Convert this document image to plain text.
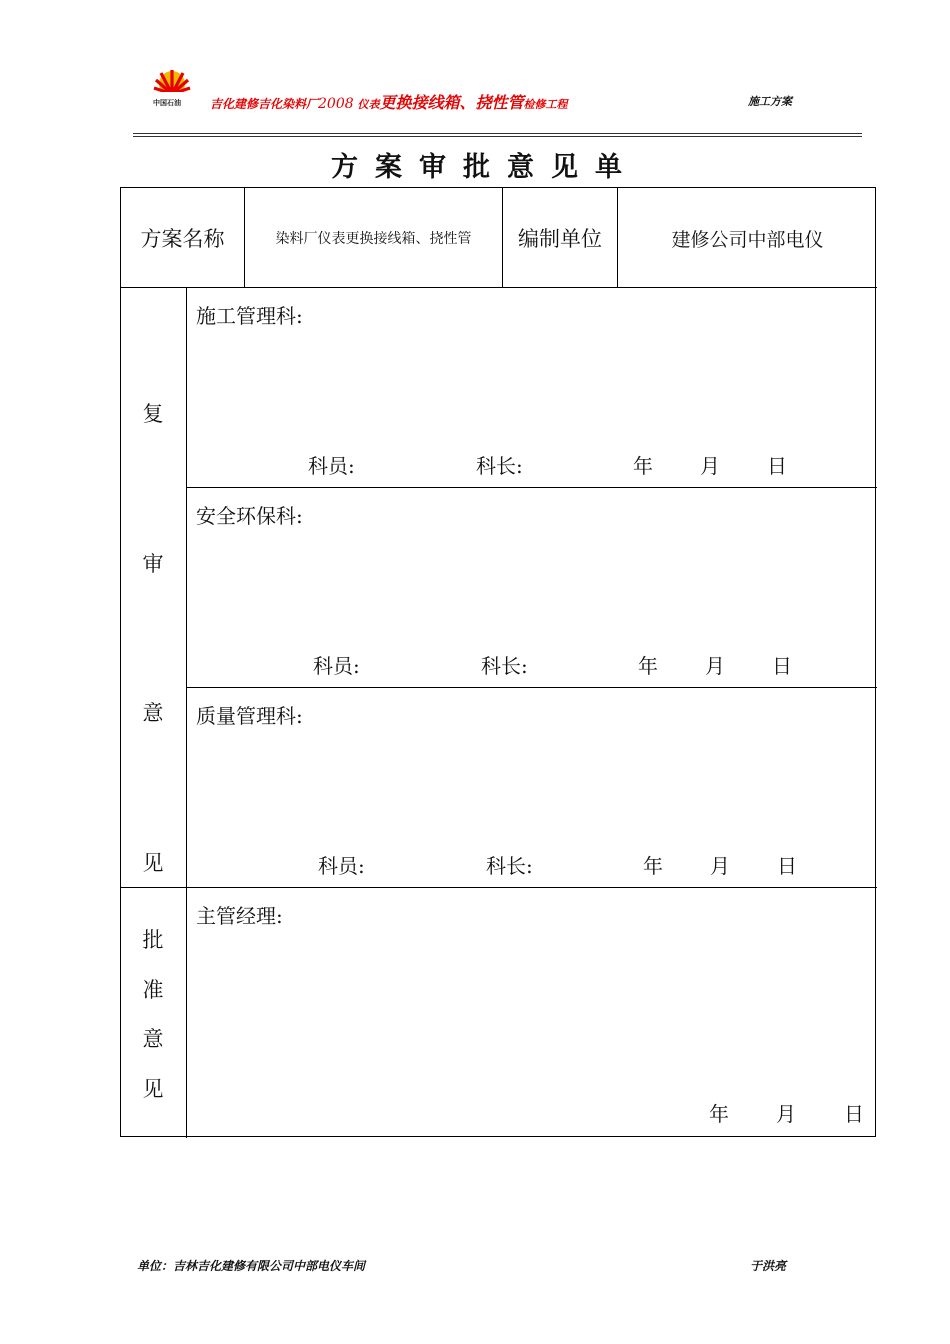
中国石油 吉化建修吉化染料厂2008 仪表更换接线箱、挠性管检修工程	施工方案
方案审批意见单
方案名称	染料厂仪表更换接线箱、挠性管	编制单位	建修公司中部电仪
复
审
意
见
施工管理科:
科员:	科长:	年 月 日
安全环保科:
科员:	科长:	年 月 日
质量管理科:
科员:	科长:	年 月 日
批
准
意
见
主管经理:
年 月 日
单位：吉林吉化建修有限公司中部电仪车间	于洪亮
